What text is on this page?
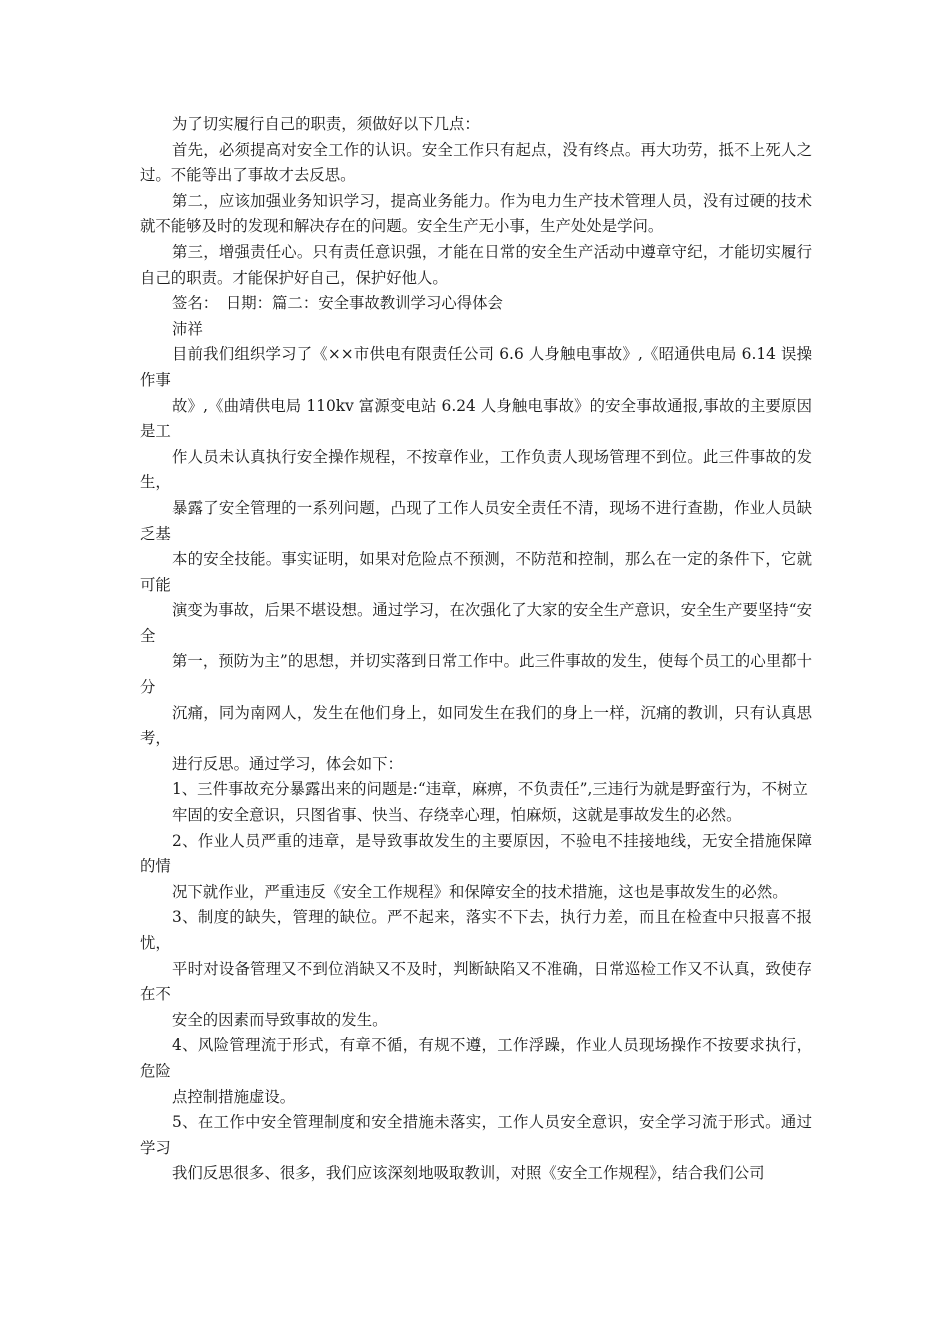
为了切实履行自己的职责，须做好以下几点：

首先，必须提高对安全工作的认识。安全工作只有起点，没有终点。再大功劳，抵不上死人之过。不能等出了事故才去反思。

第二，应该加强业务知识学习，提高业务能力。作为电力生产技术管理人员，没有过硬的技术就不能够及时的发现和解决存在的问题。安全生产无小事，生产处处是学问。

第三，增强责任心。只有责任意识强，才能在日常的安全生产活动中遵章守纪，才能切实履行自己的职责。才能保护好自己，保护好他人。

签名：　日期：篇二：安全事故教训学习心得体会

沛祥

目前我们组织学习了《××市供电有限责任公司 6.6 人身触电事故》,《昭通供电局 6.14 误操作事

故》,《曲靖供电局 110kv 富源变电站 6.24 人身触电事故》的安全事故通报,事故的主要原因是工

作人员未认真执行安全操作规程，不按章作业，工作负责人现场管理不到位。此三件事故的发生，

暴露了安全管理的一系列问题，凸现了工作人员安全责任不清，现场不进行查勘，作业人员缺乏基

本的安全技能。事实证明，如果对危险点不预测，不防范和控制，那么在一定的条件下，它就可能

演变为事故，后果不堪设想。通过学习，在次强化了大家的安全生产意识，安全生产要坚持“安全

第一，预防为主”的思想，并切实落到日常工作中。此三件事故的发生，使每个员工的心里都十分

沉痛，同为南网人，发生在他们身上，如同发生在我们的身上一样，沉痛的教训，只有认真思考，

进行反思。通过学习，体会如下：

1、三件事故充分暴露出来的问题是:“违章，麻痹，不负责任”,三违行为就是野蛮行为，不树立

牢固的安全意识，只图省事、快当、存绕幸心理，怕麻烦，这就是事故发生的必然。

2、作业人员严重的违章，是导致事故发生的主要原因，不验电不挂接地线，无安全措施保障的情

况下就作业，严重违反《安全工作规程》和保障安全的技术措施，这也是事故发生的必然。

3、制度的缺失，管理的缺位。严不起来，落实不下去，执行力差，而且在检查中只报喜不报忧，

平时对设备管理又不到位消缺又不及时，判断缺陷又不准确，日常巡检工作又不认真，致使存在不

安全的因素而导致事故的发生。

4、风险管理流于形式，有章不循，有规不遵，工作浮躁，作业人员现场操作不按要求执行，危险

点控制措施虚设。

5、在工作中安全管理制度和安全措施未落实，工作人员安全意识，安全学习流于形式。通过学习

我们反思很多、很多，我们应该深刻地吸取教训，对照《安全工作规程》，结合我们公司
